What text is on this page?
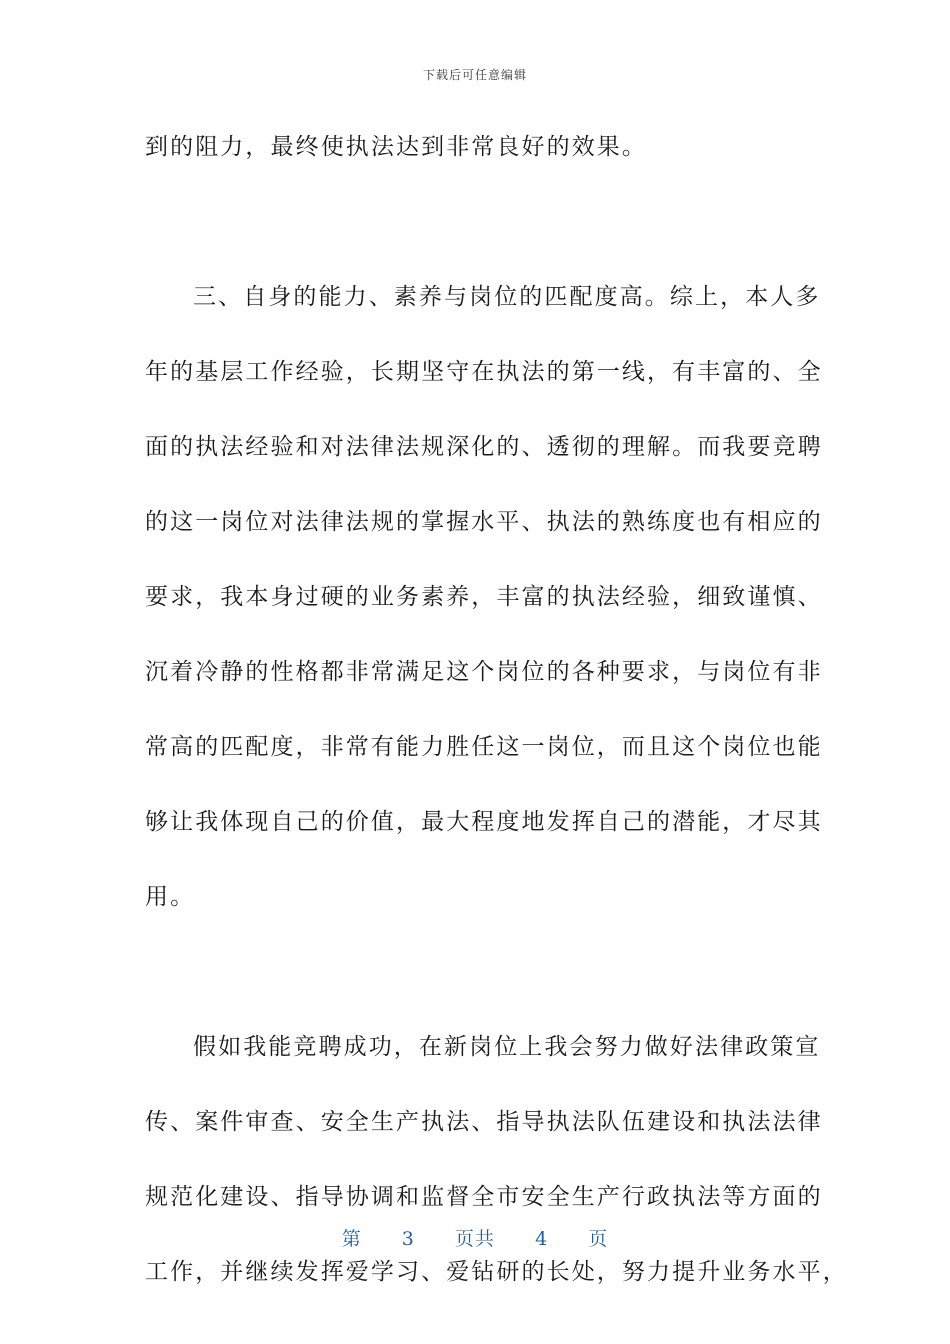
下载后可任意编辑
到的阻力，最终使执法达到非常良好的效果。
三、自身的能力、素养与岗位的匹配度高。综上，本人多
年的基层工作经验，长期坚守在执法的第一线，有丰富的、全
面的执法经验和对法律法规深化的、透彻的理解。而我要竞聘
的这一岗位对法律法规的掌握水平、执法的熟练度也有相应的
要求，我本身过硬的业务素养，丰富的执法经验，细致谨慎、
沉着冷静的性格都非常满足这个岗位的各种要求，与岗位有非
常高的匹配度，非常有能力胜任这一岗位，而且这个岗位也能
够让我体现自己的价值，最大程度地发挥自己的潜能，才尽其
用。
假如我能竞聘成功，在新岗位上我会努力做好法律政策宣
传、案件审查、安全生产执法、指导执法队伍建设和执法法律
规范化建设、指导协调和监督全市安全生产行政执法等方面的
工作，并继续发挥爱学习、爱钻研的长处，努力提升业务水平，
第 3 页共 4 页
